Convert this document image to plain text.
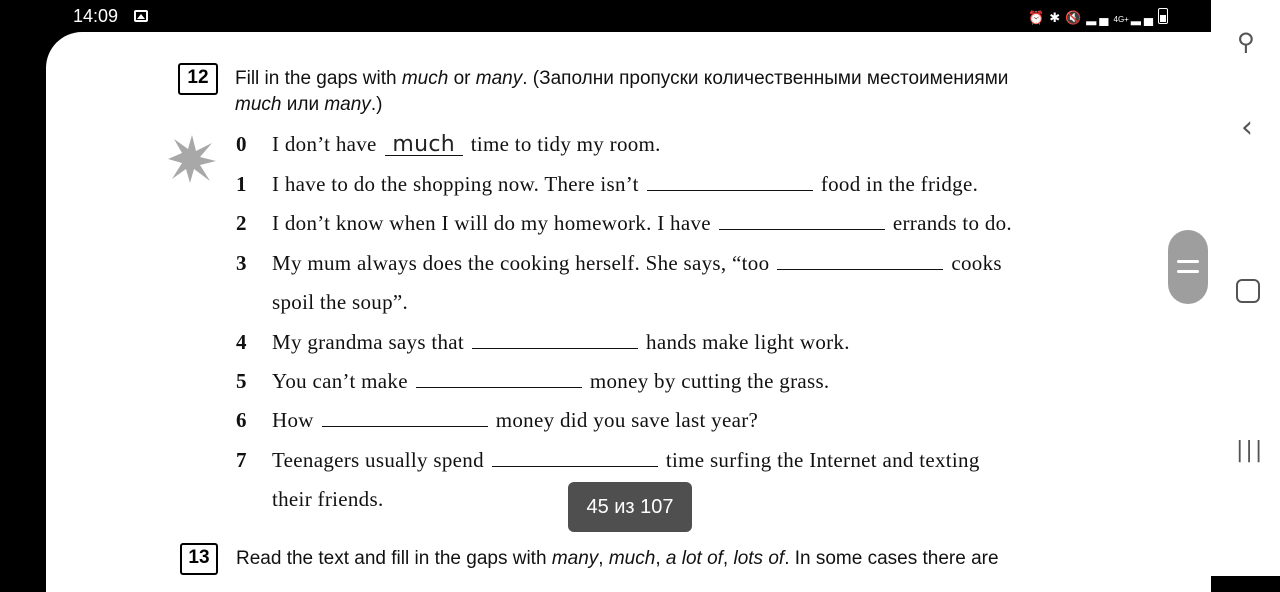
14:09	⏰ ✱ 🔇 ▂▄ 4G+ ▂▄
12	Fill in the gaps with much or many. (Заполни пропуски количественными местоимениями
much или many.)
0 I don’t have much time to tidy my room.
1 I have to do the shopping now. There isn’t	food in the fridge.
2 I don’t know when I will do my homework. I have	errands to do.
3 My mum always does the cooking herself. She says, “too	cooks
spoil the soup”.
4 My grandma says that	hands make light work.
5 You can’t make	money by cutting the grass.
6 How	money did you save last year?
7 Teenagers usually spend	time surfing the Internet and texting
their friends.
13	Read the text and fill in the gaps with many, much, a lot of, lots of. In some cases there are
⚲
‹
|||
45 из 107
